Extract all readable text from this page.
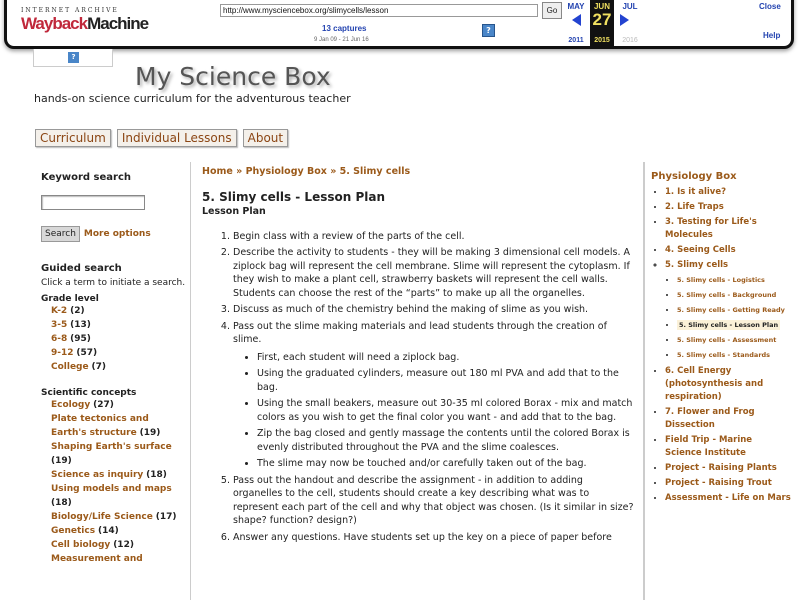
INTERNET ARCHIVE
WaybackMachine
http://www.mysciencebox.org/slimycells/lesson	Go
13 captures
9 Jan 09 - 21 Jun 16
?
MAY
2011
JUN
27
2015
JUL
2016
Close
Help
?
My Science Box
hands-on science curriculum for the adventurous teacher
Curriculum	Individual Lessons	About
Keyword search
Search More options
Guided search
Click a term to initiate a search.
Grade level
K-2 (2)
3-5 (13)
6-8 (95)
9-12 (57)
College (7)
Scientific concepts
Ecology (27)
Plate tectonics and Earth's structure (19)
Shaping Earth's surface (19)
Science as inquiry (18)
Using models and maps (18)
Biology/Life Science (17)
Genetics (14)
Cell biology (12)
Measurement and
Home » Physiology Box » 5. Slimy cells
5. Slimy cells - Lesson Plan
Lesson Plan
1. Begin class with a review of the parts of the cell.
2. Describe the activity to students - they will be making 3 dimensional cell models. A ziplock bag will represent the cell membrane. Slime will represent the cytoplasm. If they wish to make a plant cell, strawberry baskets will represent the cell walls. Students can choose the rest of the “parts” to make up all the organelles.
3. Discuss as much of the chemistry behind the making of slime as you wish.
4. Pass out the slime making materials and lead students through the creation of slime.
• First, each student will need a ziplock bag.
• Using the graduated cylinders, measure out 180 ml PVA and add that to the bag.
• Using the small beakers, measure out 30-35 ml colored Borax - mix and match colors as you wish to get the final color you want - and add that to the bag.
• Zip the bag closed and gently massage the contents until the colored Borax is evenly distributed throughout the PVA and the slime coalesces.
• The slime may now be touched and/or carefully taken out of the bag.
5. Pass out the handout and describe the assignment - in addition to adding organelles to the cell, students should create a key describing what was to represent each part of the cell and why that object was chosen. (Is it similar in size? shape? function? design?)
6. Answer any questions. Have students set up the key on a piece of paper before
Physiology Box
• 1. Is it alive?
• 2. Life Traps
• 3. Testing for Life's Molecules
• 4. Seeing Cells
◦ 5. Slimy cells
• 5. Slimy cells - Logistics
• 5. Slimy cells - Background
• 5. Slimy cells - Getting Ready
• 5. Slimy cells - Lesson Plan
• 5. Slimy cells - Assessment
• 5. Slimy cells - Standards
• 6. Cell Energy (photosynthesis and respiration)
• 7. Flower and Frog Dissection
• Field Trip - Marine Science Institute
• Project - Raising Plants
• Project - Raising Trout
• Assessment - Life on Mars
